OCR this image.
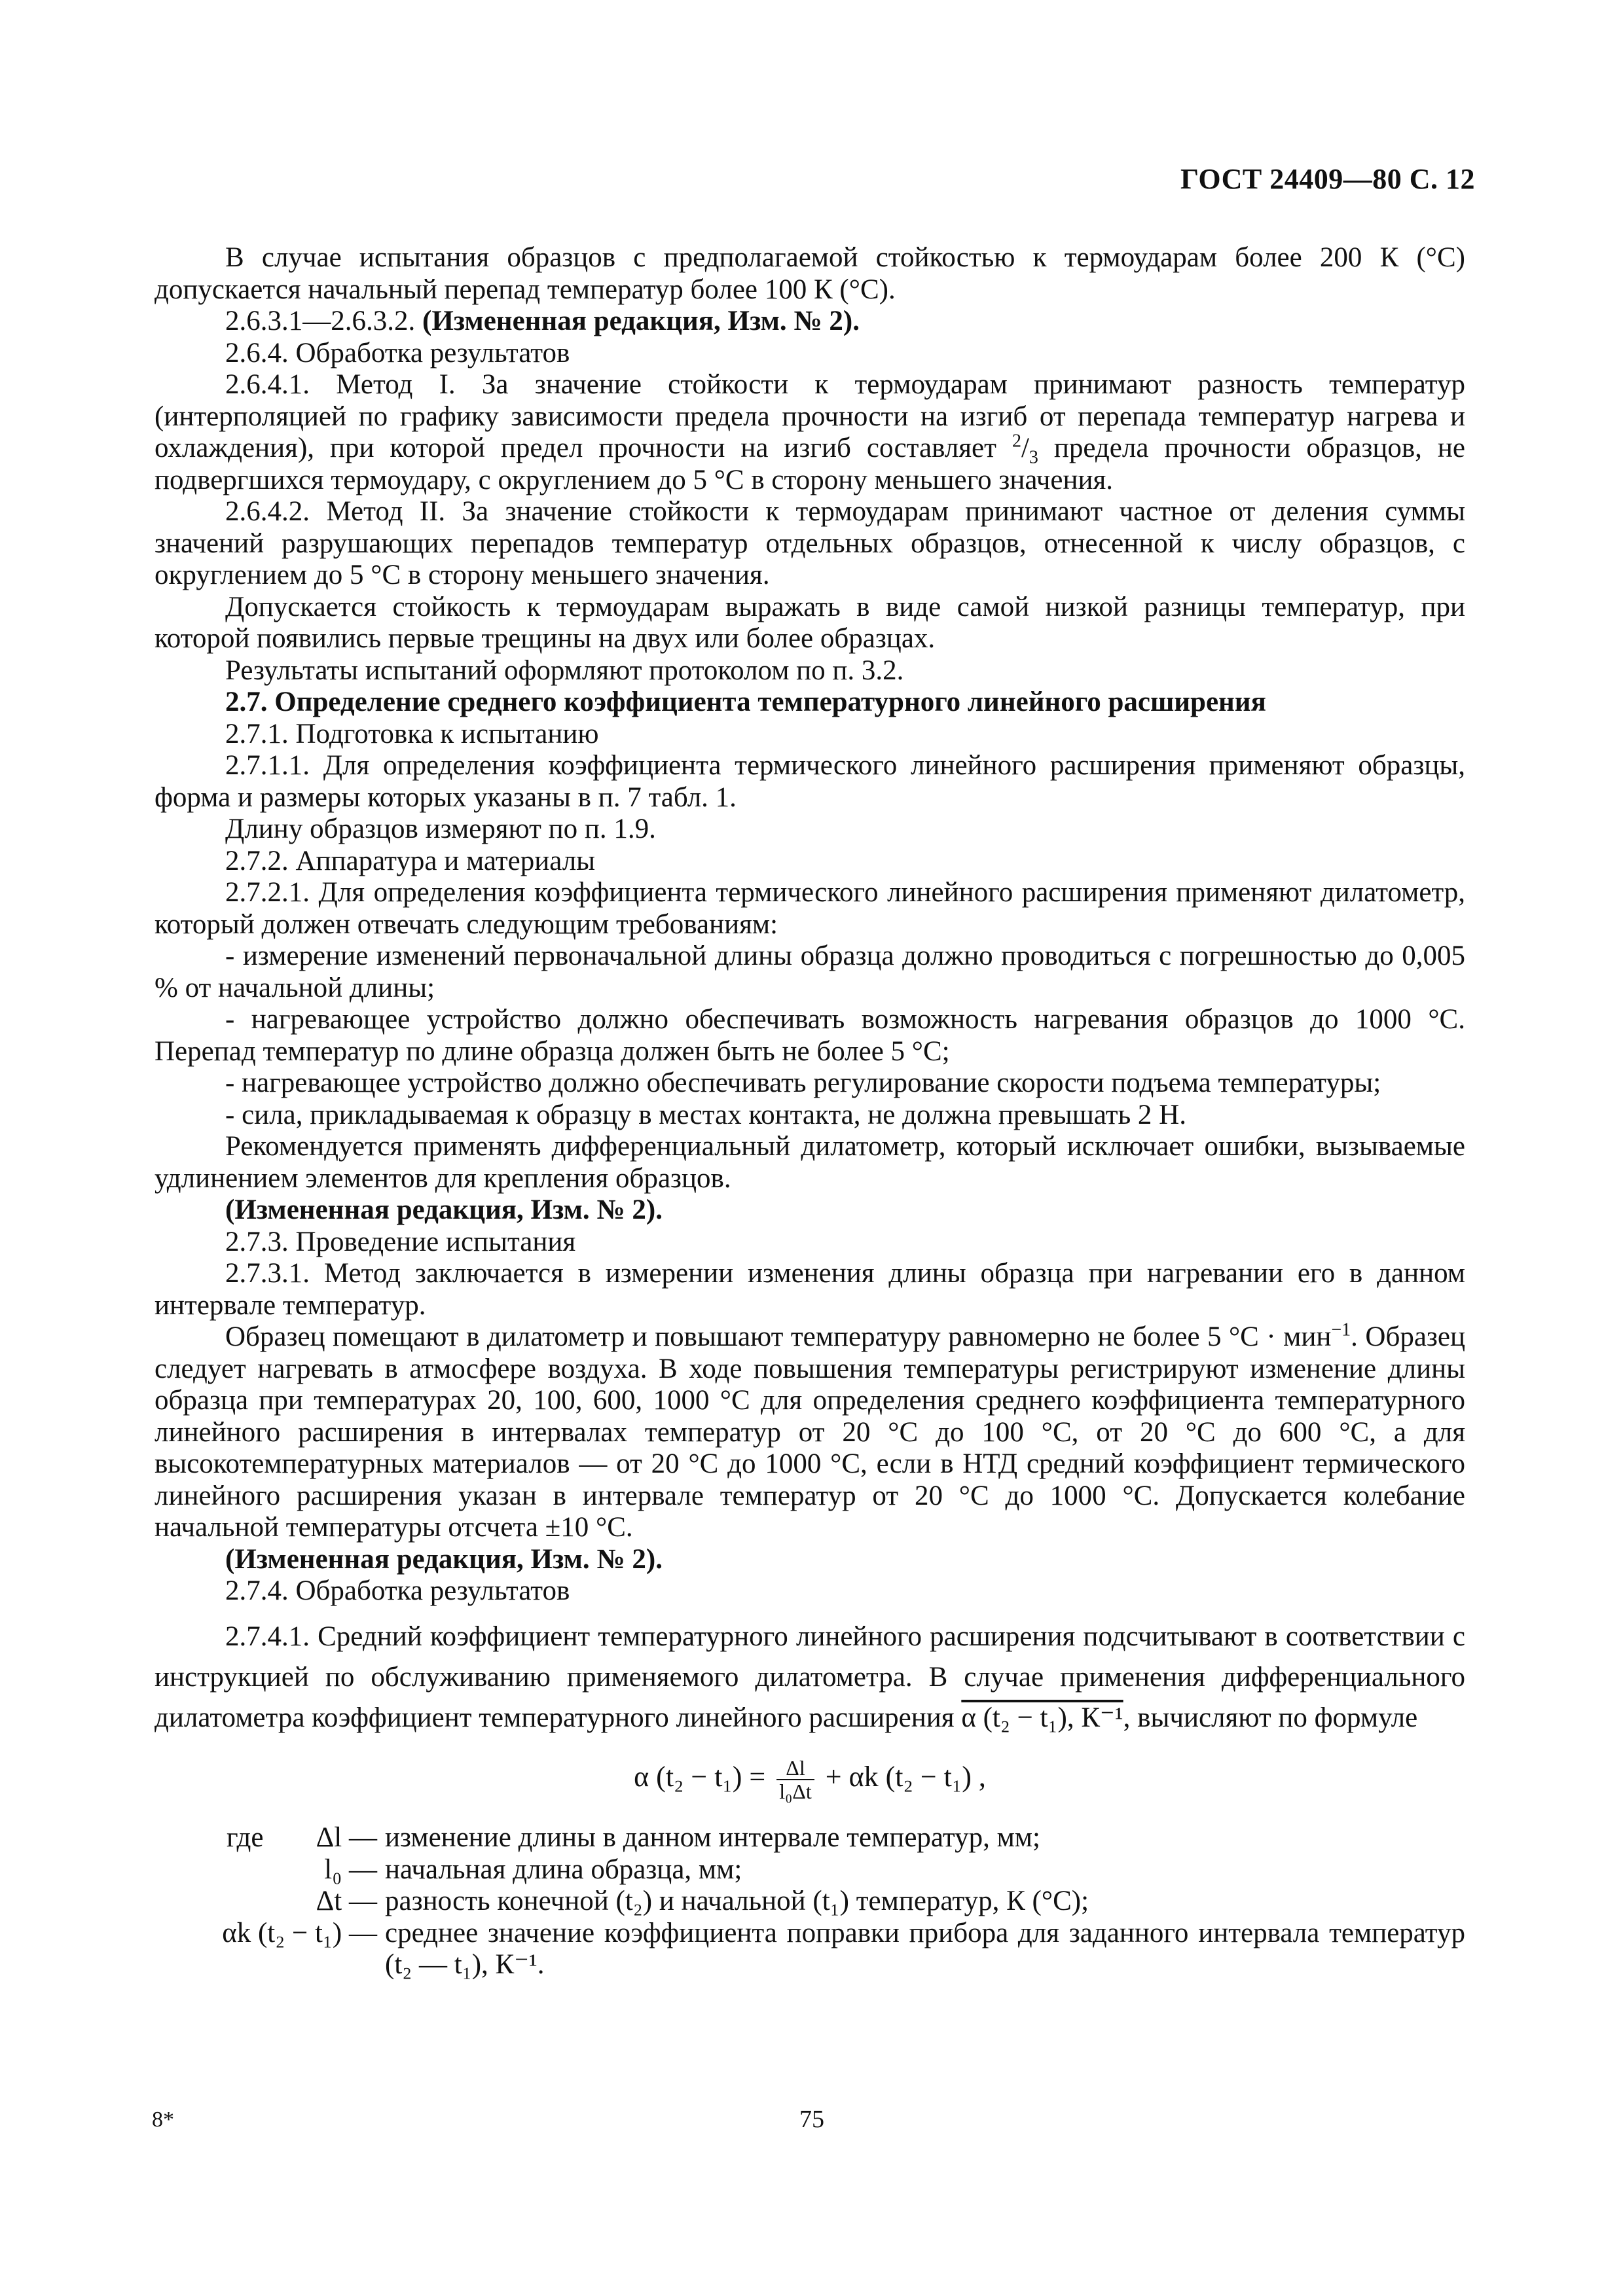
ГОСТ 24409—80 С. 12

В случае испытания образцов с предполагаемой стойкостью к термоударам более 200 К (°С) допускается начальный перепад температур более 100 К (°С).

2.6.3.1—2.6.3.2. (Измененная редакция, Изм. № 2).

2.6.4. Обработка результатов

2.6.4.1. Метод I. За значение стойкости к термоударам принимают разность температур (интерполяцией по графику зависимости предела прочности на изгиб от перепада температур нагрева и охлаждения), при которой предел прочности на изгиб составляет $^2/_3$ предела прочности образцов, не подвергшихся термоудару, с округлением до 5 °С в сторону меньшего значения.

2.6.4.2. Метод II. За значение стойкости к термоударам принимают частное от деления суммы значений разрушающих перепадов температур отдельных образцов, отнесенной к числу образцов, с округлением до 5 °С в сторону меньшего значения.

Допускается стойкость к термоударам выражать в виде самой низкой разницы температур, при которой появились первые трещины на двух или более образцах.

Результаты испытаний оформляют протоколом по п. 3.2.

2.7. Определение среднего коэффициента температурного линейного расширения

2.7.1. Подготовка к испытанию

2.7.1.1. Для определения коэффициента термического линейного расширения применяют образцы, форма и размеры которых указаны в п. 7 табл. 1.

Длину образцов измеряют по п. 1.9.

2.7.2. Аппаратура и материалы

2.7.2.1. Для определения коэффициента термического линейного расширения применяют дилатометр, который должен отвечать следующим требованиям:

- измерение изменений первоначальной длины образца должно проводиться с погрешностью до 0,005 % от начальной длины;

- нагревающее устройство должно обеспечивать возможность нагревания образцов до 1000 °С. Перепад температур по длине образца должен быть не более 5 °С;

- нагревающее устройство должно обеспечивать регулирование скорости подъема температуры;

- сила, прикладываемая к образцу в местах контакта, не должна превышать 2 Н.

Рекомендуется применять дифференциальный дилатометр, который исключает ошибки, вызываемые удлинением элементов для крепления образцов.

(Измененная редакция, Изм. № 2).

2.7.3. Проведение испытания

2.7.3.1. Метод заключается в измерении изменения длины образца при нагревании его в данном интервале температур.

Образец помещают в дилатометр и повышают температуру равномерно не более 5 °С · мин$^{-1}$. Образец следует нагревать в атмосфере воздуха. В ходе повышения температуры регистрируют изменение длины образца при температурах 20, 100, 600, 1000 °С для определения среднего коэффициента температурного линейного расширения в интервалах температур от 20 °С до 100 °С, от 20 °С до 600 °С, а для высокотемпературных материалов — от 20 °С до 1000 °С, если в НТД средний коэффициент термического линейного расширения указан в интервале температур от 20 °С до 1000 °С. Допускается колебание начальной температуры отсчета ±10 °С.

(Измененная редакция, Изм. № 2).

2.7.4. Обработка результатов

2.7.4.1. Средний коэффициент температурного линейного расширения подсчитывают в соответствии с инструкцией по обслуживанию применяемого дилатометра. В случае применения дифференциального дилатометра коэффициент температурного линейного расширения α (t₂ − t₁), К⁻¹, вычисляют по формуле

α $(t_2 - t_1) = \frac{\Delta l}{\text{l₀Δt}} + \alpha k$ (t₂ − t₁) ,

где	Δl — изменение длины в данном интервале температур, мм;
l₀ — начальная длина образца, мм;
Δt — разность конечной (t₂) и начальной (t₁) температур, К (°С);
αk (t₂ − t₁) — среднее значение коэффициента поправки прибора для заданного интервала температур (t₂ — t₁), К⁻¹.
8*	75
